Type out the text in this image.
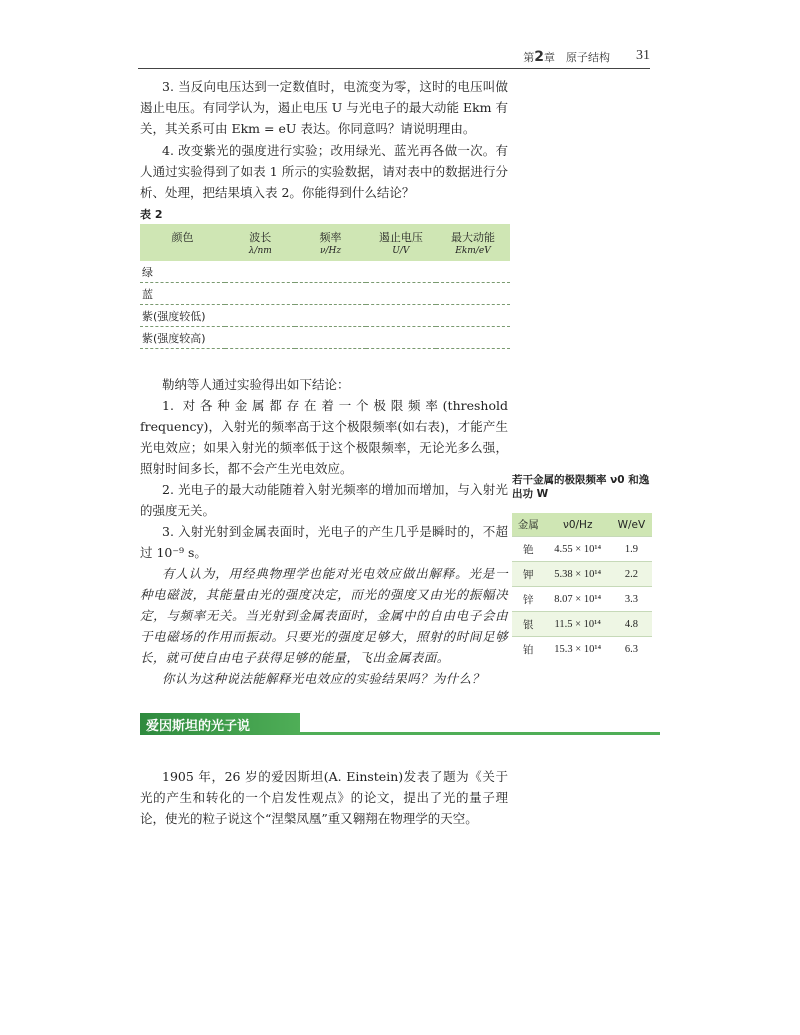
第2章　 原子结构 31

3. 当反向电压达到一定数值时，电流变为零，这时的电压叫做遏止电压。有同学认为，遏止电压 U 与光电子的最大动能 Ekm 有关，其关系可由 Ekm = eU 表达。你同意吗？请说明理由。

4. 改变紫光的强度进行实验；改用绿光、蓝光再各做一次。有人通过实验得到了如表 1 所示的实验数据，请对表中的数据进行分析、处理，把结果填入表 2。你能得到什么结论？

表 2
颜色	波长	频率	遏止电压	最大动能
	λ/nm	ν/Hz	U/V	Ekm/eV
绿				
蓝				
紫(强度较低)				
紫(强度较高)				

勒纳等人通过实验得出如下结论：

1. 对各种金属都存在着一个极限频率(threshold frequency)，入射光的频率高于这个极限频率(如右表)，才能产生光电效应；如果入射光的频率低于这个极限频率，无论光多么强，照射时间多长，都不会产生光电效应。

2. 光电子的最大动能随着入射光频率的增加而增加，与入射光的强度无关。

3. 入射光射到金属表面时，光电子的产生几乎是瞬时的，不超过 10⁻⁹ s。

有人认为，用经典物理学也能对光电效应做出解释。光是一种电磁波，其能量由光的强度决定，而光的强度又由光的振幅决定，与频率无关。当光射到金属表面时，金属中的自由电子会由于电磁场的作用而振动。只要光的强度足够大，照射的时间足够长，就可使自由电子获得足够的能量，飞出金属表面。

你认为这种说法能解释光电效应的实验结果吗？为什么？

若干金属的极限频率 ν0 和逸出功 W

金属	ν0/Hz	W/eV
铯	4.55 × 10¹⁴	1.9
钾	5.38 × 10¹⁴	2.2
锌	8.07 × 10¹⁴	3.3
银	11.5 × 10¹⁴	4.8
铂	15.3 × 10¹⁴	6.3
爱因斯坦的光子说

1905 年，26 岁的爱因斯坦(A. Einstein)发表了题为《关于光的产生和转化的一个启发性观点》的论文，提出了光的量子理论，使光的粒子说这个“涅槃凤凰”重又翱翔在物理学的天空。
